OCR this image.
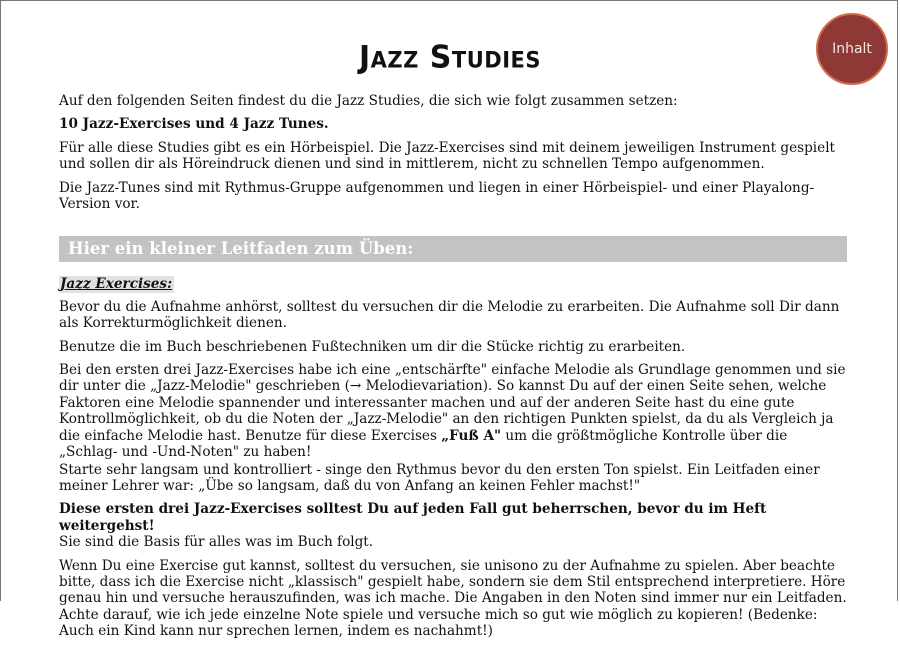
Jazz Studies	Inhalt

Auf den folgenden Seiten findest du die Jazz Studies, die sich wie folgt zusammen setzen:

10 Jazz-Exercises und 4 Jazz Tunes.

Für alle diese Studies gibt es ein Hörbeispiel. Die Jazz-Exercises sind mit deinem jeweiligen Instrument gespielt und sollen dir als Höreindruck dienen und sind in mittlerem, nicht zu schnellen Tempo aufgenommen.

Die Jazz-Tunes sind mit Rythmus-Gruppe aufgenommen und liegen in einer Hörbeispiel- und einer Playalong-Version vor.

Hier ein kleiner Leitfaden zum Üben:
Jazz Exercises:

Bevor du die Aufnahme anhörst, solltest du versuchen dir die Melodie zu erarbeiten. Die Aufnahme soll Dir dann als Korrekturmöglichkeit dienen.

Benutze die im Buch beschriebenen Fußtechniken um dir die Stücke richtig zu erarbeiten.

Bei den ersten drei Jazz-Exercises habe ich eine „entschärfte" einfache Melodie als Grundlage genommen und sie dir unter die „Jazz-Melodie" geschrieben (→ Melodievariation). So kannst Du auf der einen Seite sehen, welche Faktoren eine Melodie spannender und interessanter machen und auf der anderen Seite hast du eine gute Kontrollmöglichkeit, ob du die Noten der „Jazz-Melodie" an den richtigen Punkten spielst, da du als Vergleich ja die einfache Melodie hast. Benutze für diese Exercises „Fuß A" um die größtmögliche Kontrolle über die „Schlag- und -Und-Noten" zu haben!

Starte sehr langsam und kontrolliert - singe den Rythmus bevor du den ersten Ton spielst. Ein Leitfaden einer meiner Lehrer war: „Übe so langsam, daß du von Anfang an keinen Fehler machst!"

Diese ersten drei Jazz-Exercises solltest Du auf jeden Fall gut beherrschen, bevor du im Heft weitergehst!
Sie sind die Basis für alles was im Buch folgt.

Wenn Du eine Exercise gut kannst, solltest du versuchen, sie unisono zu der Aufnahme zu spielen. Aber beachte bitte, dass ich die Exercise nicht „klassisch" gespielt habe, sondern sie dem Stil entsprechend interpretiere. Höre genau hin und versuche herauszufinden, was ich mache. Die Angaben in den Noten sind immer nur ein Leitfaden. Achte darauf, wie ich jede einzelne Note spiele und versuche mich so gut wie möglich zu kopieren! (Bedenke: Auch ein Kind kann nur sprechen lernen, indem es nachahmt!)
